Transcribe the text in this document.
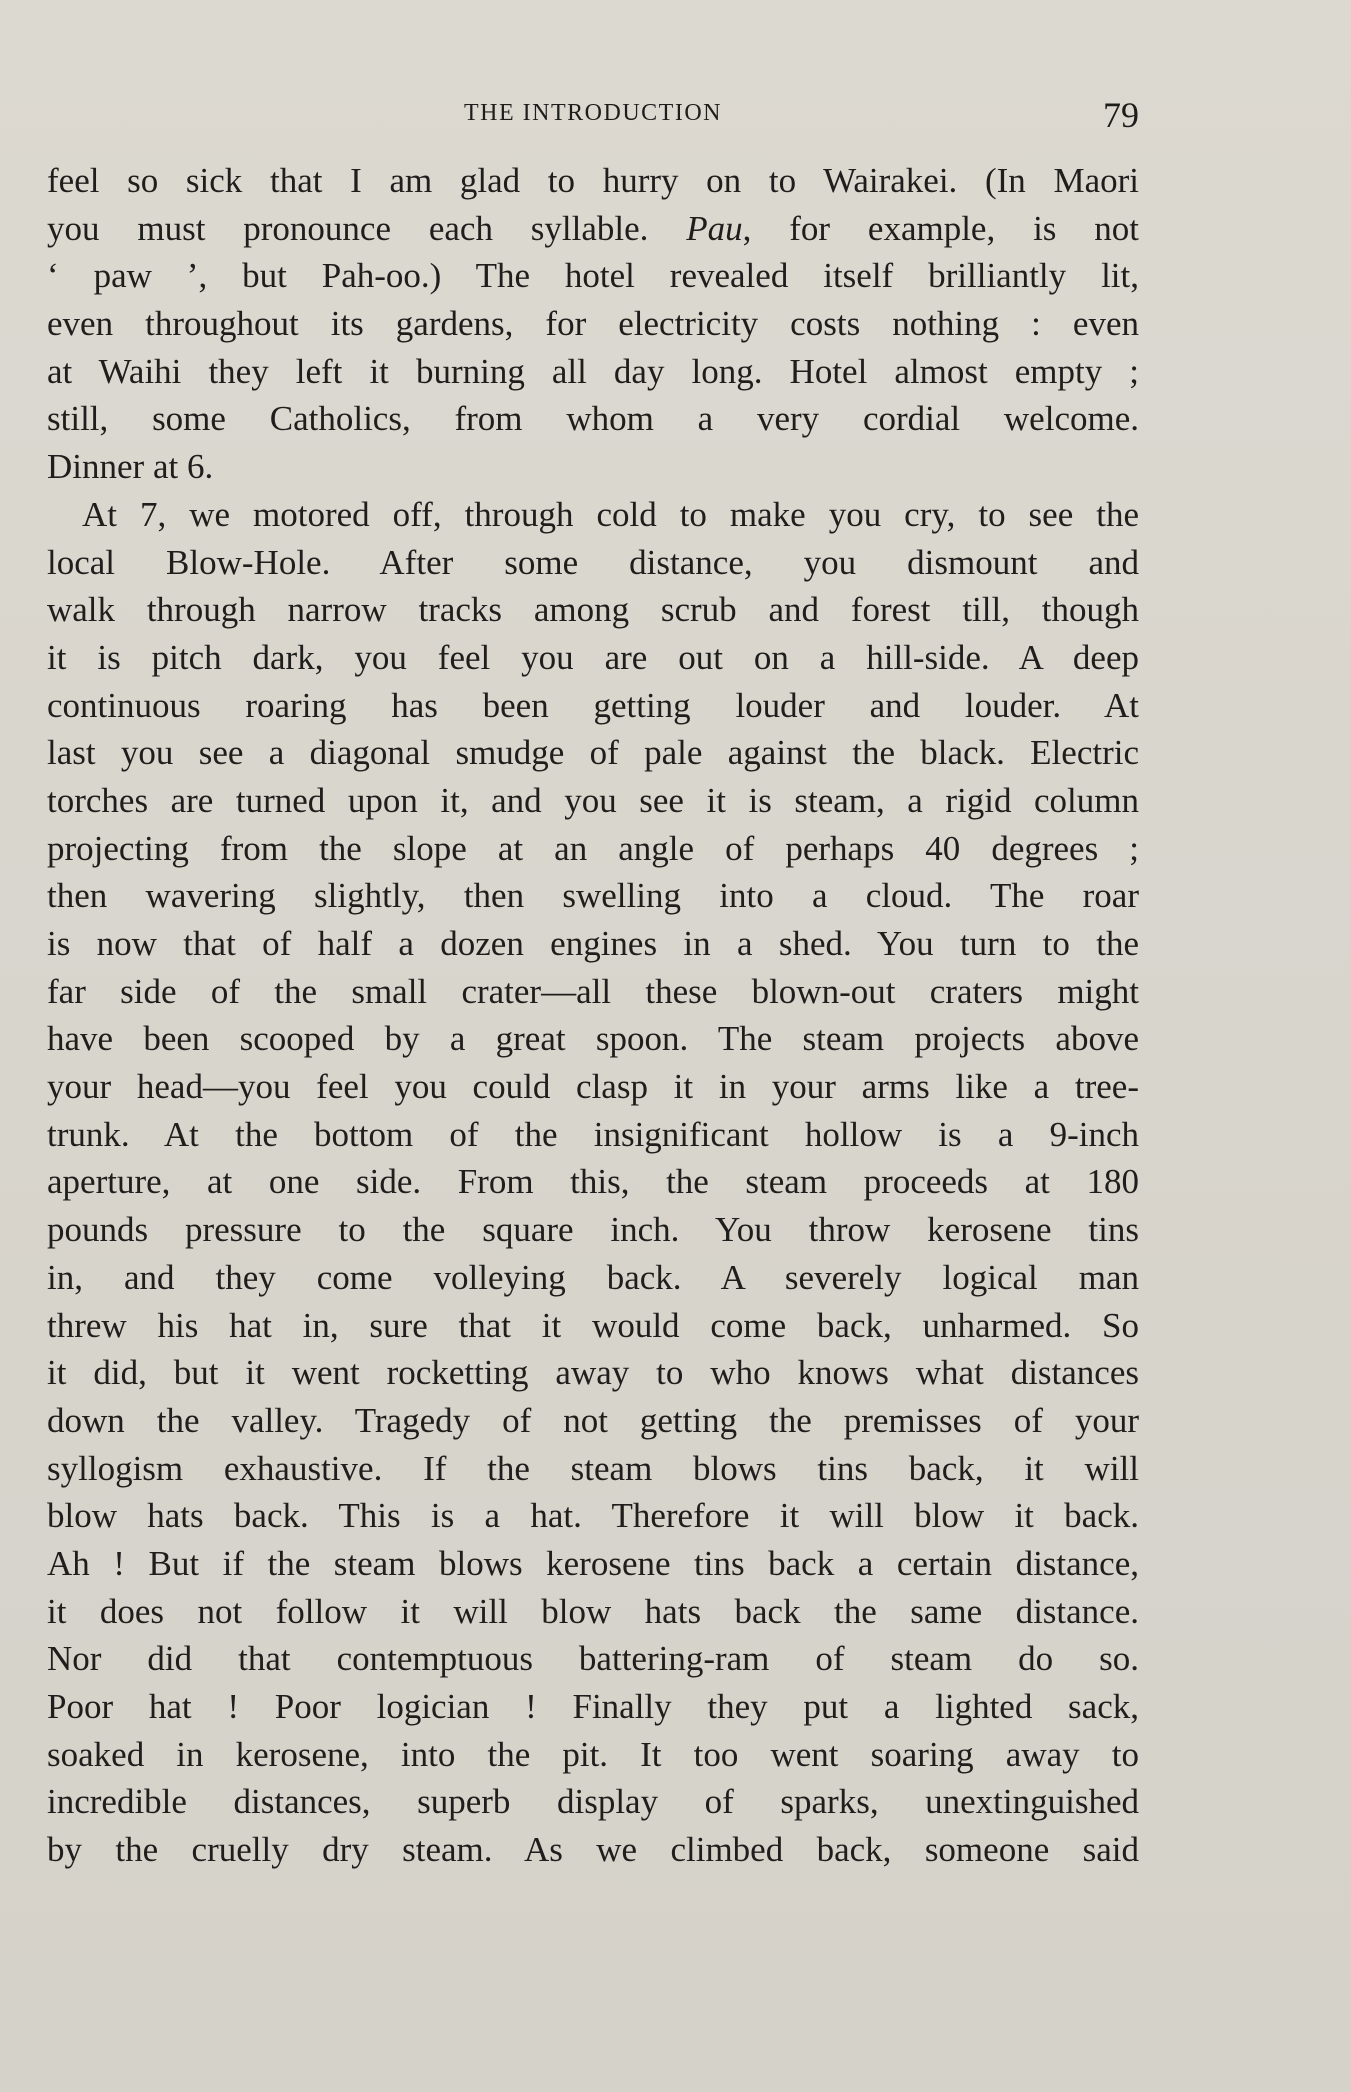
THE INTRODUCTION	79
feel so sick that I am glad to hurry on to Wairakei. (In Maori
you must pronounce each syllable. Pau, for example, is not
‘ paw ’, but Pah-oo.) The hotel revealed itself brilliantly lit,
even throughout its gardens, for electricity costs nothing : even
at Waihi they left it burning all day long. Hotel almost empty ;
still, some Catholics, from whom a very cordial welcome.
Dinner at 6.
At 7, we motored off, through cold to make you cry, to see the
local Blow-Hole. After some distance, you dismount and
walk through narrow tracks among scrub and forest till, though
it is pitch dark, you feel you are out on a hill-side. A deep
continuous roaring has been getting louder and louder. At
last you see a diagonal smudge of pale against the black. Electric
torches are turned upon it, and you see it is steam, a rigid column
projecting from the slope at an angle of perhaps 40 degrees ;
then wavering slightly, then swelling into a cloud. The roar
is now that of half a dozen engines in a shed. You turn to the
far side of the small crater—all these blown-out craters might
have been scooped by a great spoon. The steam projects above
your head—you feel you could clasp it in your arms like a tree-
trunk. At the bottom of the insignificant hollow is a 9-inch
aperture, at one side. From this, the steam proceeds at 180
pounds pressure to the square inch. You throw kerosene tins
in, and they come volleying back. A severely logical man
threw his hat in, sure that it would come back, unharmed. So
it did, but it went rocketting away to who knows what distances
down the valley. Tragedy of not getting the premisses of your
syllogism exhaustive. If the steam blows tins back, it will
blow hats back. This is a hat. Therefore it will blow it back.
Ah ! But if the steam blows kerosene tins back a certain distance,
it does not follow it will blow hats back the same distance.
Nor did that contemptuous battering-ram of steam do so.
Poor hat ! Poor logician ! Finally they put a lighted sack,
soaked in kerosene, into the pit. It too went soaring away to
incredible distances, superb display of sparks, unextinguished
by the cruelly dry steam. As we climbed back, someone said
